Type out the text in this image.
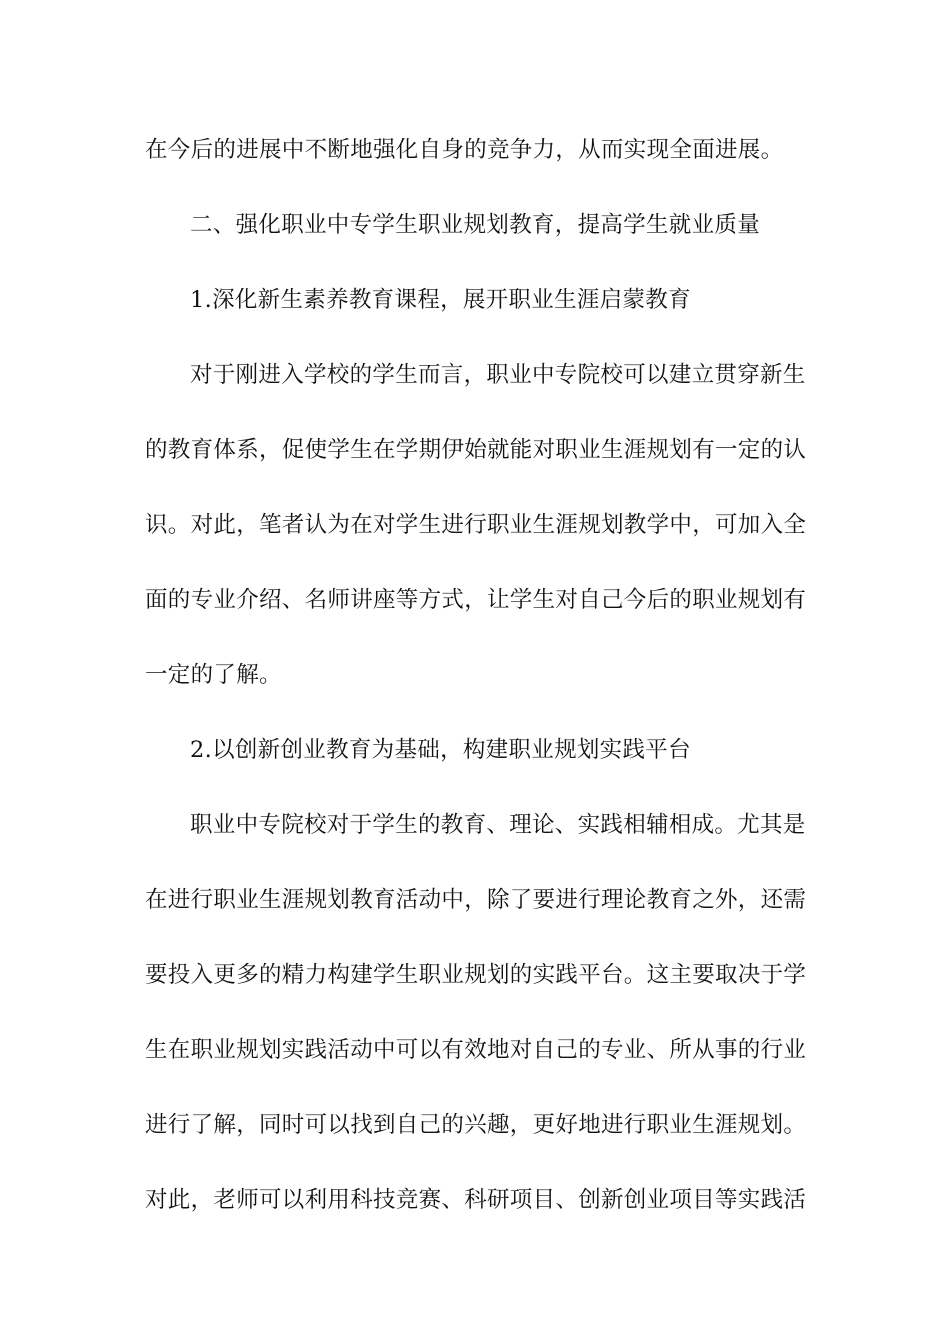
在今后的进展中不断地强化自身的竞争力，从而实现全面进展。
二、强化职业中专学生职业规划教育，提高学生就业质量
1.深化新生素养教育课程，展开职业生涯启蒙教育
对于刚进入学校的学生而言，职业中专院校可以建立贯穿新生
的教育体系，促使学生在学期伊始就能对职业生涯规划有一定的认
识。对此，笔者认为在对学生进行职业生涯规划教学中，可加入全
面的专业介绍、名师讲座等方式，让学生对自己今后的职业规划有
一定的了解。
2.以创新创业教育为基础，构建职业规划实践平台
职业中专院校对于学生的教育、理论、实践相辅相成。尤其是
在进行职业生涯规划教育活动中，除了要进行理论教育之外，还需
要投入更多的精力构建学生职业规划的实践平台。这主要取决于学
生在职业规划实践活动中可以有效地对自己的专业、所从事的行业
进行了解，同时可以找到自己的兴趣，更好地进行职业生涯规划。
对此，老师可以利用科技竞赛、科研项目、创新创业项目等实践活
